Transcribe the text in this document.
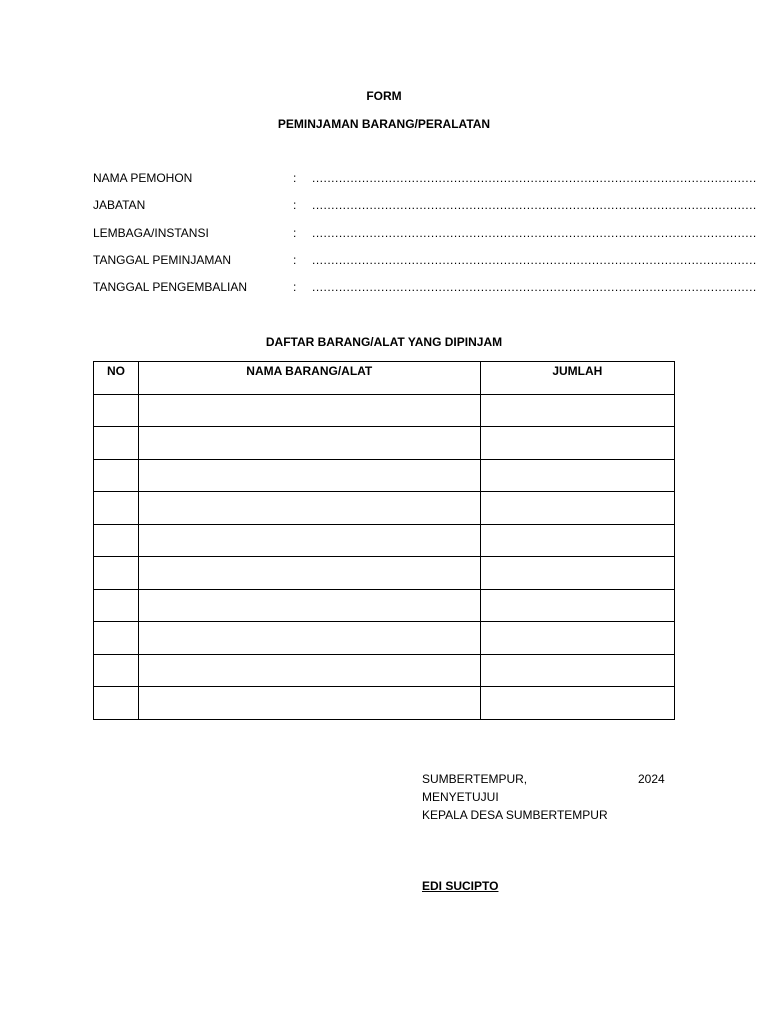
FORM
PEMINJAMAN BARANG/PERALATAN
NAMA PEMOHON	: ....................................................................................................................
JABATAN	: ....................................................................................................................
LEMBAGA/INSTANSI	: ....................................................................................................................
TANGGAL PEMINJAMAN	: ....................................................................................................................
TANGGAL PENGEMBALIAN	: ....................................................................................................................
DAFTAR BARANG/ALAT YANG DIPINJAM
NO	NAMA BARANG/ALAT	JUMLAH

SUMBERTEMPUR,	2024
MENYETUJUI
KEPALA DESA SUMBERTEMPUR
EDI SUCIPTO
